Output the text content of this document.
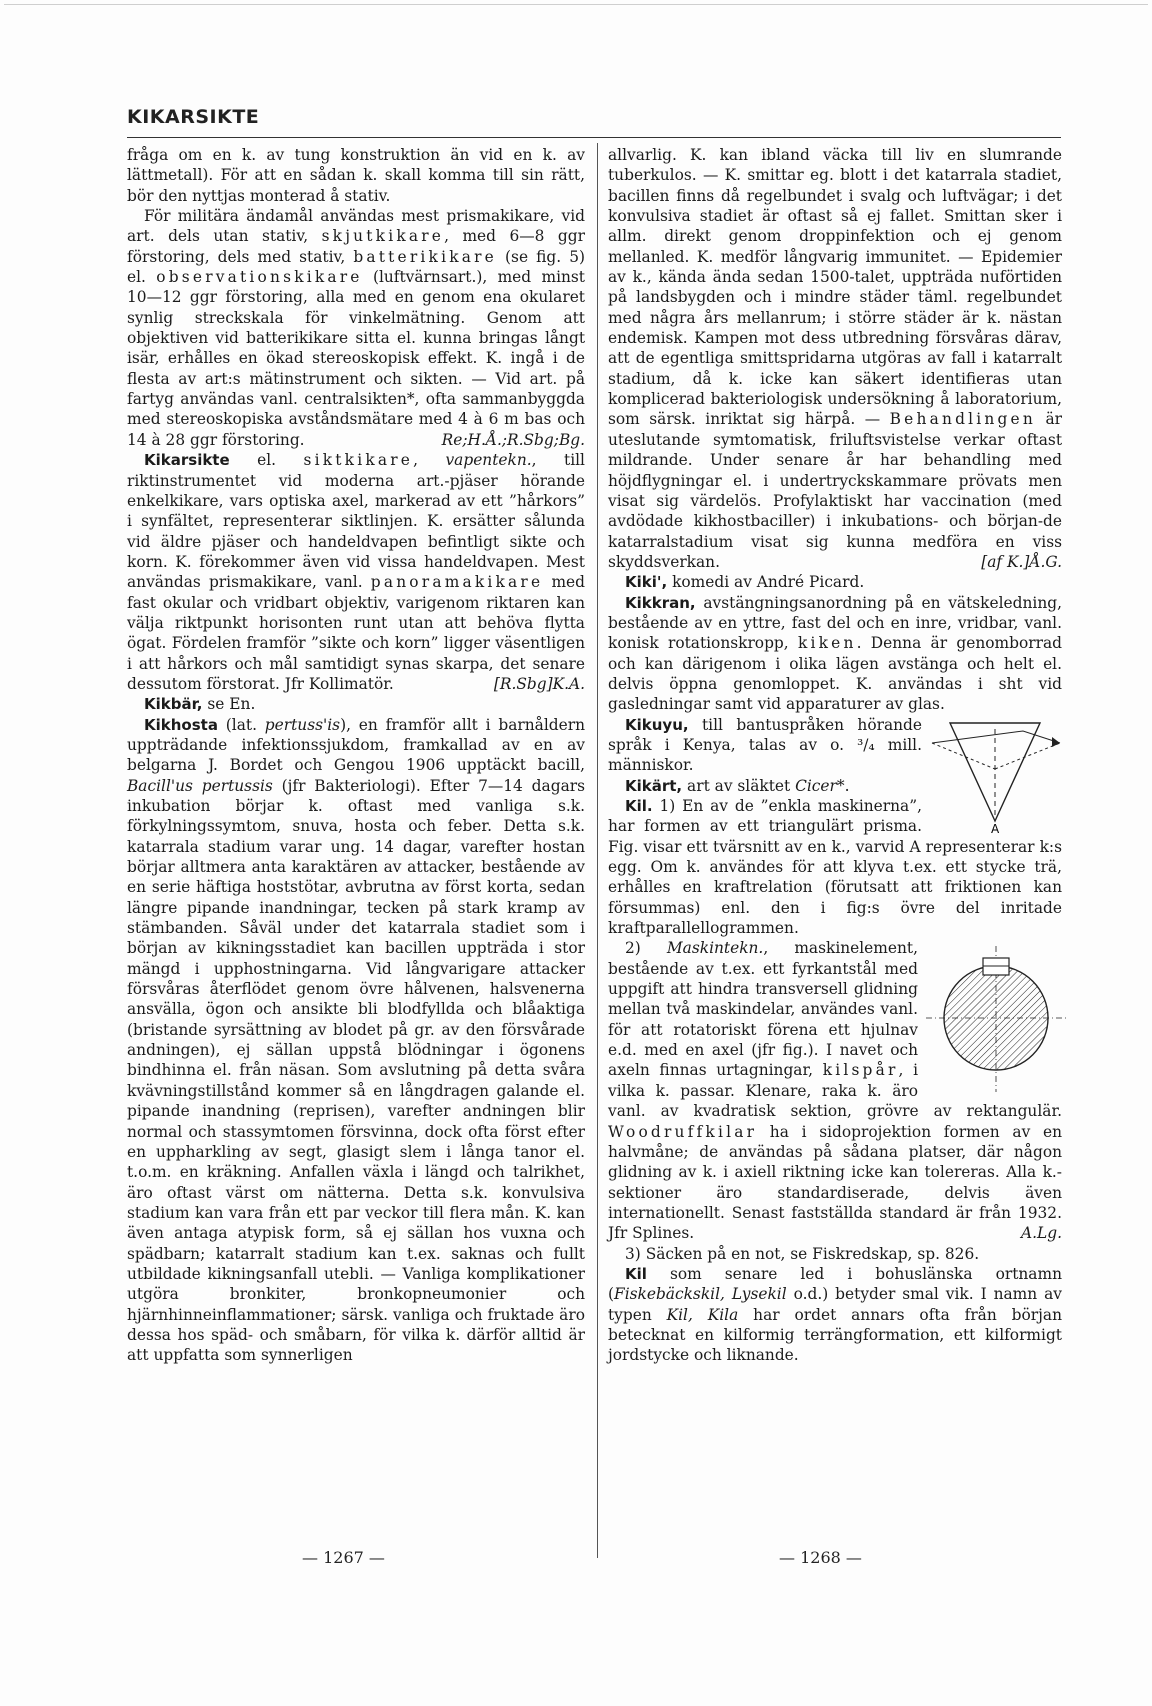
KIKARSIKTE

fråga om en k. av tung konstruktion än vid en k. av lättmetall). För att en sådan k. skall komma till sin rätt, bör den nyttjas monterad å stativ.

För militära ändamål användas mest prismakikare, vid art. dels utan stativ, skjutkikare, med 6—8 ggr förstoring, dels med stativ, batterikikare (se fig. 5) el. observationskikare (luftvärnsart.), med minst 10—12 ggr förstoring, alla med en genom ena okularet synlig streckskala för vinkelmätning. Genom att objektiven vid batterikikare sitta el. kunna bringas långt isär, erhålles en ökad stereoskopisk effekt. K. ingå i de flesta av art:s mätinstrument och sikten. — Vid art. på fartyg användas vanl. centralsikten*, ofta sammanbyggda med stereoskopiska avståndsmätare med 4 à 6 m bas och 14 à 28 ggr förstoring.	Re;H.Å.;R.Sbg;Bg.

Kikarsikte el. siktkikare, vapentekn., till riktinstrumentet vid moderna art.-pjäser hörande enkelkikare, vars optiska axel, markerad av ett ”hårkors” i synfältet, representerar siktlinjen. K. ersätter sålunda vid äldre pjäser och handeldvapen befintligt sikte och korn. K. förekommer även vid vissa handeldvapen. Mest användas prismakikare, vanl. panoramakikare med fast okular och vridbart objektiv, varigenom riktaren kan välja riktpunkt horisonten runt utan att behöva flytta ögat. Fördelen framför ”sikte och korn” ligger väsentligen i att hårkors och mål samtidigt synas skarpa, det senare dessutom förstorat. Jfr Kollimatör.	[R.Sbg]K.A.

Kikbär, se En.

Kikhosta (lat. pertuss'is), en framför allt i barnåldern uppträdande infektionssjukdom, framkallad av en av belgarna J. Bordet och Gengou 1906 upptäckt bacill, Bacill'us pertussis (jfr Bakteriologi). Efter 7—14 dagars inkubation börjar k. oftast med vanliga s.k. förkylningssymtom, snuva, hosta och feber. Detta s.k. katarrala stadium varar ung. 14 dagar, varefter hostan börjar alltmera anta karaktären av attacker, bestående av en serie häftiga hoststötar, avbrutna av först korta, sedan längre pipande inandningar, tecken på stark kramp av stämbanden. Såväl under det katarrala stadiet som i början av kikningsstadiet kan bacillen uppträda i stor mängd i upphostningarna. Vid långvarigare attacker försvåras återflödet genom övre hålvenen, halsvenerna ansvälla, ögon och ansikte bli blodfyllda och blåaktiga (bristande syrsättning av blodet på gr. av den försvårade andningen), ej sällan uppstå blödningar i ögonens bindhinna el. från näsan. Som avslutning på detta svåra kvävningstillstånd kommer så en långdragen galande el. pipande inandning (reprisen), varefter andningen blir normal och stassymtomen försvinna, dock ofta först efter en uppharkling av segt, glasigt slem i långa tanor el. t.o.m. en kräkning. Anfallen växla i längd och talrikhet, äro oftast värst om nätterna. Detta s.k. konvulsiva stadium kan vara från ett par veckor till flera mån. K. kan även antaga atypisk form, så ej sällan hos vuxna och spädbarn; katarralt stadium kan t.ex. saknas och fullt utbildade kikningsanfall utebli. — Vanliga komplikationer utgöra bronkiter, bronkopneumonier och hjärnhinneinflammationer; särsk. vanliga och fruktade äro dessa hos späd- och småbarn, för vilka k. därför alltid är att uppfatta som synnerligen

allvarlig. K. kan ibland väcka till liv en slumrande tuberkulos. — K. smittar eg. blott i det katarrala stadiet, bacillen finns då regelbundet i svalg och luftvägar; i det konvulsiva stadiet är oftast så ej fallet. Smittan sker i allm. direkt genom droppinfektion och ej genom mellanled. K. medför långvarig immunitet. — Epidemier av k., kända ända sedan 1500-talet, uppträda nuförtiden på landsbygden och i mindre städer täml. regelbundet med några års mellanrum; i större städer är k. nästan endemisk. Kampen mot dess utbredning försvåras därav, att de egentliga smittspridarna utgöras av fall i katarralt stadium, då k. icke kan säkert identifieras utan komplicerad bakteriologisk undersökning å laboratorium, som särsk. inriktat sig härpå. — Behandlingen är uteslutande symtomatisk, friluftsvistelse verkar oftast mildrande. Under senare år har behandling med höjdflygningar el. i undertryckskammare prövats men visat sig värdelös. Profylaktiskt har vaccination (med avdödade kikhostbaciller) i inkubations- och början-de katarralstadium visat sig kunna medföra en viss skyddsverkan.	[af K.]Å.G.

Kiki', komedi av André Picard.

Kikkran, avstängningsanordning på en vätskeledning, bestående av en yttre, fast del och en inre, vridbar, vanl. konisk rotationskropp, kiken. Denna är genomborrad och kan därigenom i olika lägen avstänga och helt el. delvis öppna genomloppet. K. användas i sht vid gasledningar samt vid apparaturer av glas.

A

Kikuyu, till bantuspråken hörande språk i Kenya, talas av o. ³/₄ mill. människor.

Kikärt, art av släktet Cicer*.

Kil. 1) En av de ”enkla maskinerna”, har formen av ett triangulärt prisma. Fig. visar ett tvärsnitt av en k., varvid A representerar k:s egg. Om k. användes för att klyva t.ex. ett stycke trä, erhålles en kraftrelation (förutsatt att friktionen kan försummas) enl. den i fig:s övre del inritade kraftparallellogrammen.

2) Maskintekn., maskinelement, bestående av t.ex. ett fyrkantstål med uppgift att hindra transversell glidning mellan två maskindelar, användes vanl. för att rotatoriskt förena ett hjulnav e.d. med en axel (jfr fig.). I navet och axeln finnas urtagningar, kilspår, i vilka k. passar. Klenare, raka k. äro vanl. av kvadratisk sektion, grövre av rektangulär. Woodruffkilar ha i sidoprojektion formen av en halvmåne; de användas på sådana platser, där någon glidning av k. i axiell riktning icke kan tolereras. Alla k.-sektioner äro standardiserade, delvis även internationellt. Senast fastställda standard är från 1932. Jfr Splines.	A.Lg.

3) Säcken på en not, se Fiskredskap, sp. 826.

Kil som senare led i bohuslänska ortnamn (Fiskebäckskil, Lysekil o.d.) betyder smal vik. I namn av typen Kil, Kila har ordet annars ofta från början betecknat en kilformig terrängformation, ett kilformigt jordstycke och liknande.

— 1267 —	— 1268 —
